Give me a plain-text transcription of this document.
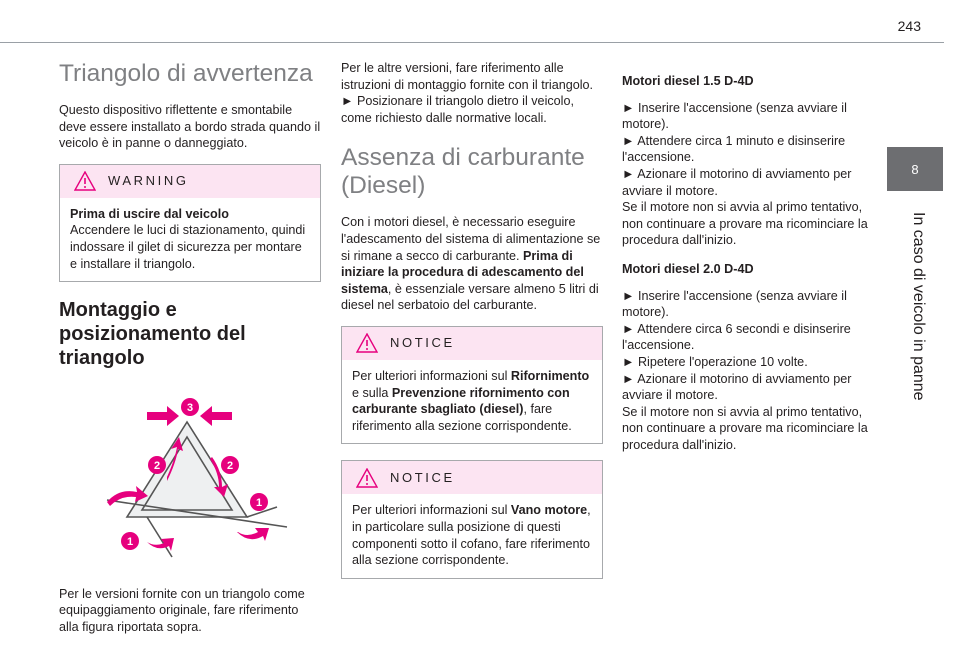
243
8
In caso di veicolo in panne
Triangolo di avvertenza

Questo dispositivo riflettente e smontabile deve essere installato a bordo strada quando il veicolo è in panne o danneggiato.

WARNING
Prima di uscire dal veicolo
Accendere le luci di stazionamento, quindi indossare il gilet di sicurezza per montare e installare il triangolo.
Montaggio e posizionamento del triangolo
3
2	2
1
1

Per le versioni fornite con un triangolo come equipaggiamento originale, fare riferimento alla figura riportata sopra.

Per le altre versioni, fare riferimento alle istruzioni di montaggio fornite con il triangolo.

► Posizionare il triangolo dietro il veicolo, come richiesto dalle normative locali.

Assenza di carburante (Diesel)

Con i motori diesel, è necessario eseguire l'adescamento del sistema di alimentazione se si rimane a secco di carburante. Prima di iniziare la procedura di adescamento del sistema, è essenziale versare almeno 5 litri di diesel nel serbatoio del carburante.

NOTICE
Per ulteriori informazioni sul Rifornimento e sulla Prevenzione rifornimento con carburante sbagliato (diesel), fare riferimento alla sezione corrispondente.
NOTICE
Per ulteriori informazioni sul Vano motore, in particolare sulla posizione di questi componenti sotto il cofano, fare riferimento alla sezione corrispondente.
Motori diesel 1.5 D-4D

► Inserire l'accensione (senza avviare il motore).
► Attendere circa 1 minuto e disinserire l'accensione.
► Azionare il motorino di avviamento per avviare il motore.
Se il motore non si avvia al primo tentativo, non continuare a provare ma ricominciare la procedura dall'inizio.

Motori diesel 2.0 D-4D

► Inserire l'accensione (senza avviare il motore).
► Attendere circa 6 secondi e disinserire l'accensione.
► Ripetere l'operazione 10 volte.
► Azionare il motorino di avviamento per avviare il motore.
Se il motore non si avvia al primo tentativo, non continuare a provare ma ricominciare la procedura dall'inizio.
